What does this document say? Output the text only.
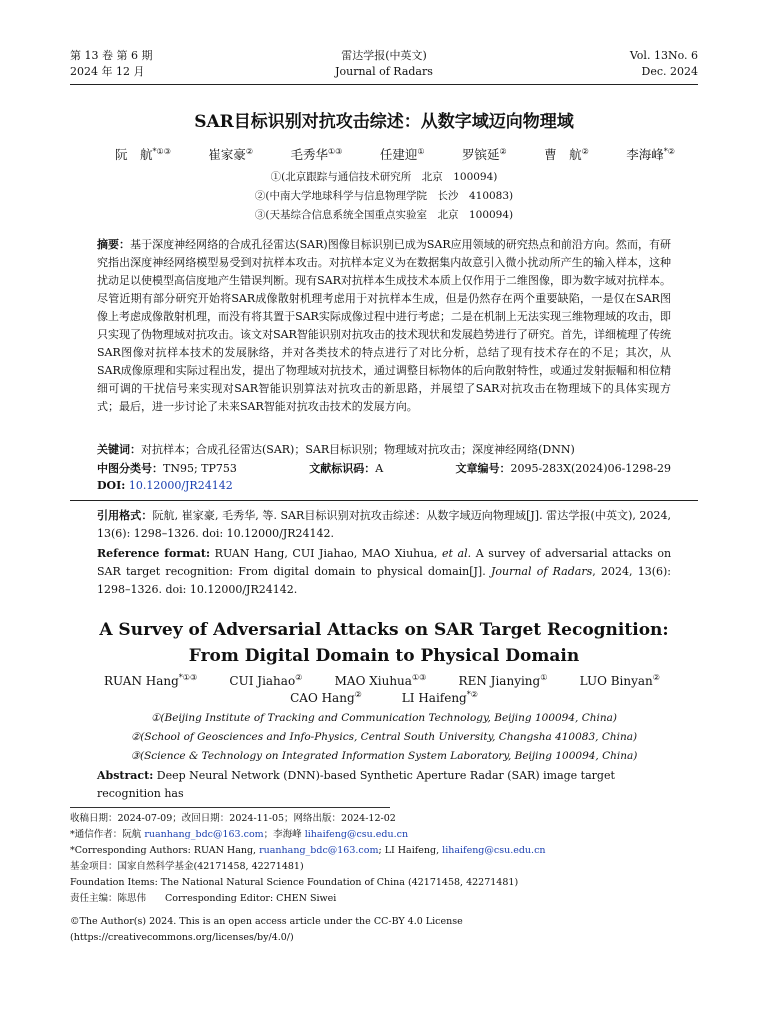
第 13 卷 第 6 期
2024 年 12 月
雷达学报(中英文)
Journal of Radars
Vol. 13No. 6
Dec. 2024
SAR目标识别对抗攻击综述：从数字域迈向物理域
阮　航*①③	崔家豪②	毛秀华①③	任建迎①	罗镔延②	曹　航②	李海峰*②
①(北京跟踪与通信技术研究所　北京　100094)
②(中南大学地球科学与信息物理学院　长沙　410083)
③(天基综合信息系统全国重点实验室　北京　100094)
摘要：基于深度神经网络的合成孔径雷达(SAR)图像目标识别已成为SAR应用领域的研究热点和前沿方向。然而，有研究指出深度神经网络模型易受到对抗样本攻击。对抗样本定义为在数据集内故意引入微小扰动所产生的输入样本，这种扰动足以使模型高信度地产生错误判断。现有SAR对抗样本生成技术本质上仅作用于二维图像，即为数字域对抗样本。尽管近期有部分研究开始将SAR成像散射机理考虑用于对抗样本生成，但是仍然存在两个重要缺陷，一是仅在SAR图像上考虑成像散射机理，而没有将其置于SAR实际成像过程中进行考虑；二是在机制上无法实现三维物理域的攻击，即只实现了伪物理域对抗攻击。该文对SAR智能识别对抗攻击的技术现状和发展趋势进行了研究。首先，详细梳理了传统SAR图像对抗样本技术的发展脉络，并对各类技术的特点进行了对比分析，总结了现有技术存在的不足；其次，从SAR成像原理和实际过程出发，提出了物理域对抗技术，通过调整目标物体的后向散射特性，或通过发射振幅和相位精细可调的干扰信号来实现对SAR智能识别算法对抗攻击的新思路，并展望了SAR对抗攻击在物理域下的具体实现方式；最后，进一步讨论了未来SAR智能对抗攻击技术的发展方向。
关键词：对抗样本；合成孔径雷达(SAR)；SAR目标识别；物理域对抗攻击；深度神经网络(DNN)
中图分类号：TN95; TP753	文献标识码：A	文章编号：2095-283X(2024)06-1298-29
DOI: 10.12000/JR24142
引用格式：阮航, 崔家豪, 毛秀华, 等. SAR目标识别对抗攻击综述：从数字域迈向物理域[J]. 雷达学报(中英文), 2024, 13(6): 1298–1326. doi: 10.12000/JR24142.
Reference format: RUAN Hang, CUI Jiahao, MAO Xiuhua, et al. A survey of adversarial attacks on SAR target recognition: From digital domain to physical domain[J]. Journal of Radars, 2024, 13(6): 1298–1326. doi: 10.12000/JR24142.
A Survey of Adversarial Attacks on SAR Target Recognition:
From Digital Domain to Physical Domain
RUAN Hang*①③	CUI Jiahao②	MAO Xiuhua①③	REN Jianying①	LUO Binyan②
CAO Hang②	LI Haifeng*②
①(Beijing Institute of Tracking and Communication Technology, Beijing 100094, China)
②(School of Geosciences and Info-Physics, Central South University, Changsha 410083, China)
③(Science & Technology on Integrated Information System Laboratory, Beijing 100094, China)
Abstract: Deep Neural Network (DNN)-based Synthetic Aperture Radar (SAR) image target recognition has
收稿日期：2024-07-09；改回日期：2024-11-05；网络出版：2024-12-02
*通信作者：阮航 ruanhang_bdc@163.com；李海峰 lihaifeng@csu.edu.cn
*Corresponding Authors: RUAN Hang, ruanhang_bdc@163.com; LI Haifeng, lihaifeng@csu.edu.cn
基金项目：国家自然科学基金(42171458, 42271481)
Foundation Items: The National Natural Science Foundation of China (42171458, 42271481)
责任主编：陈思伟　　Corresponding Editor: CHEN Siwei
©The Author(s) 2024. This is an open access article under the CC-BY 4.0 License
(https://creativecommons.org/licenses/by/4.0/)
